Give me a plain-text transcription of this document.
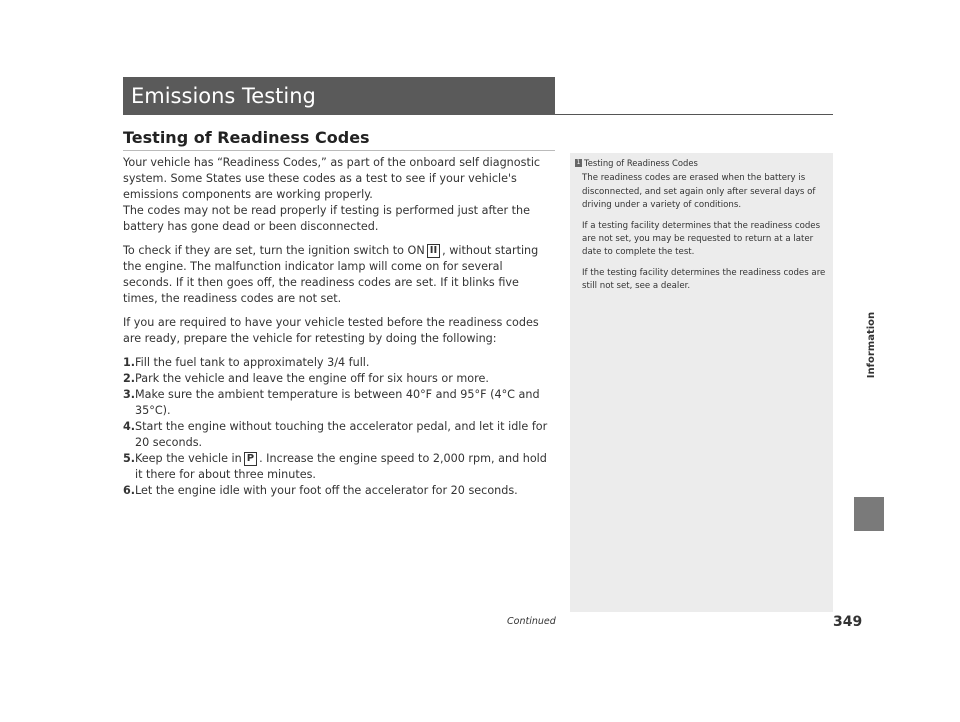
Emissions Testing
Testing of Readiness Codes

Your vehicle has “Readiness Codes,” as part of the onboard self diagnostic system. Some States use these codes as a test to see if your vehicle's emissions components are working properly.

The codes may not be read properly if testing is performed just after the battery has gone dead or been disconnected.

To check if they are set, turn the ignition switch to ON II , without starting the engine. The malfunction indicator lamp will come on for several seconds. If it then goes off, the readiness codes are set. If it blinks five times, the readiness codes are not set.

If you are required to have your vehicle tested before the readiness codes are ready, prepare the vehicle for retesting by doing the following:

1. Fill the fuel tank to approximately 3/4 full.
2. Park the vehicle and leave the engine off for six hours or more.
3. Make sure the ambient temperature is between 40°F and 95°F (4°C and 35°C).
4. Start the engine without touching the accelerator pedal, and let it idle for 20 seconds.
5. Keep the vehicle in P . Increase the engine speed to 2,000 rpm, and hold it there for about three minutes.
6. Let the engine idle with your foot off the accelerator for 20 seconds.
1 Testing of Readiness Codes

The readiness codes are erased when the battery is disconnected, and set again only after several days of driving under a variety of conditions.

If a testing facility determines that the readiness codes are not set, you may be requested to return at a later date to complete the test.

If the testing facility determines the readiness codes are still not set, see a dealer.

Information
Continued	349
